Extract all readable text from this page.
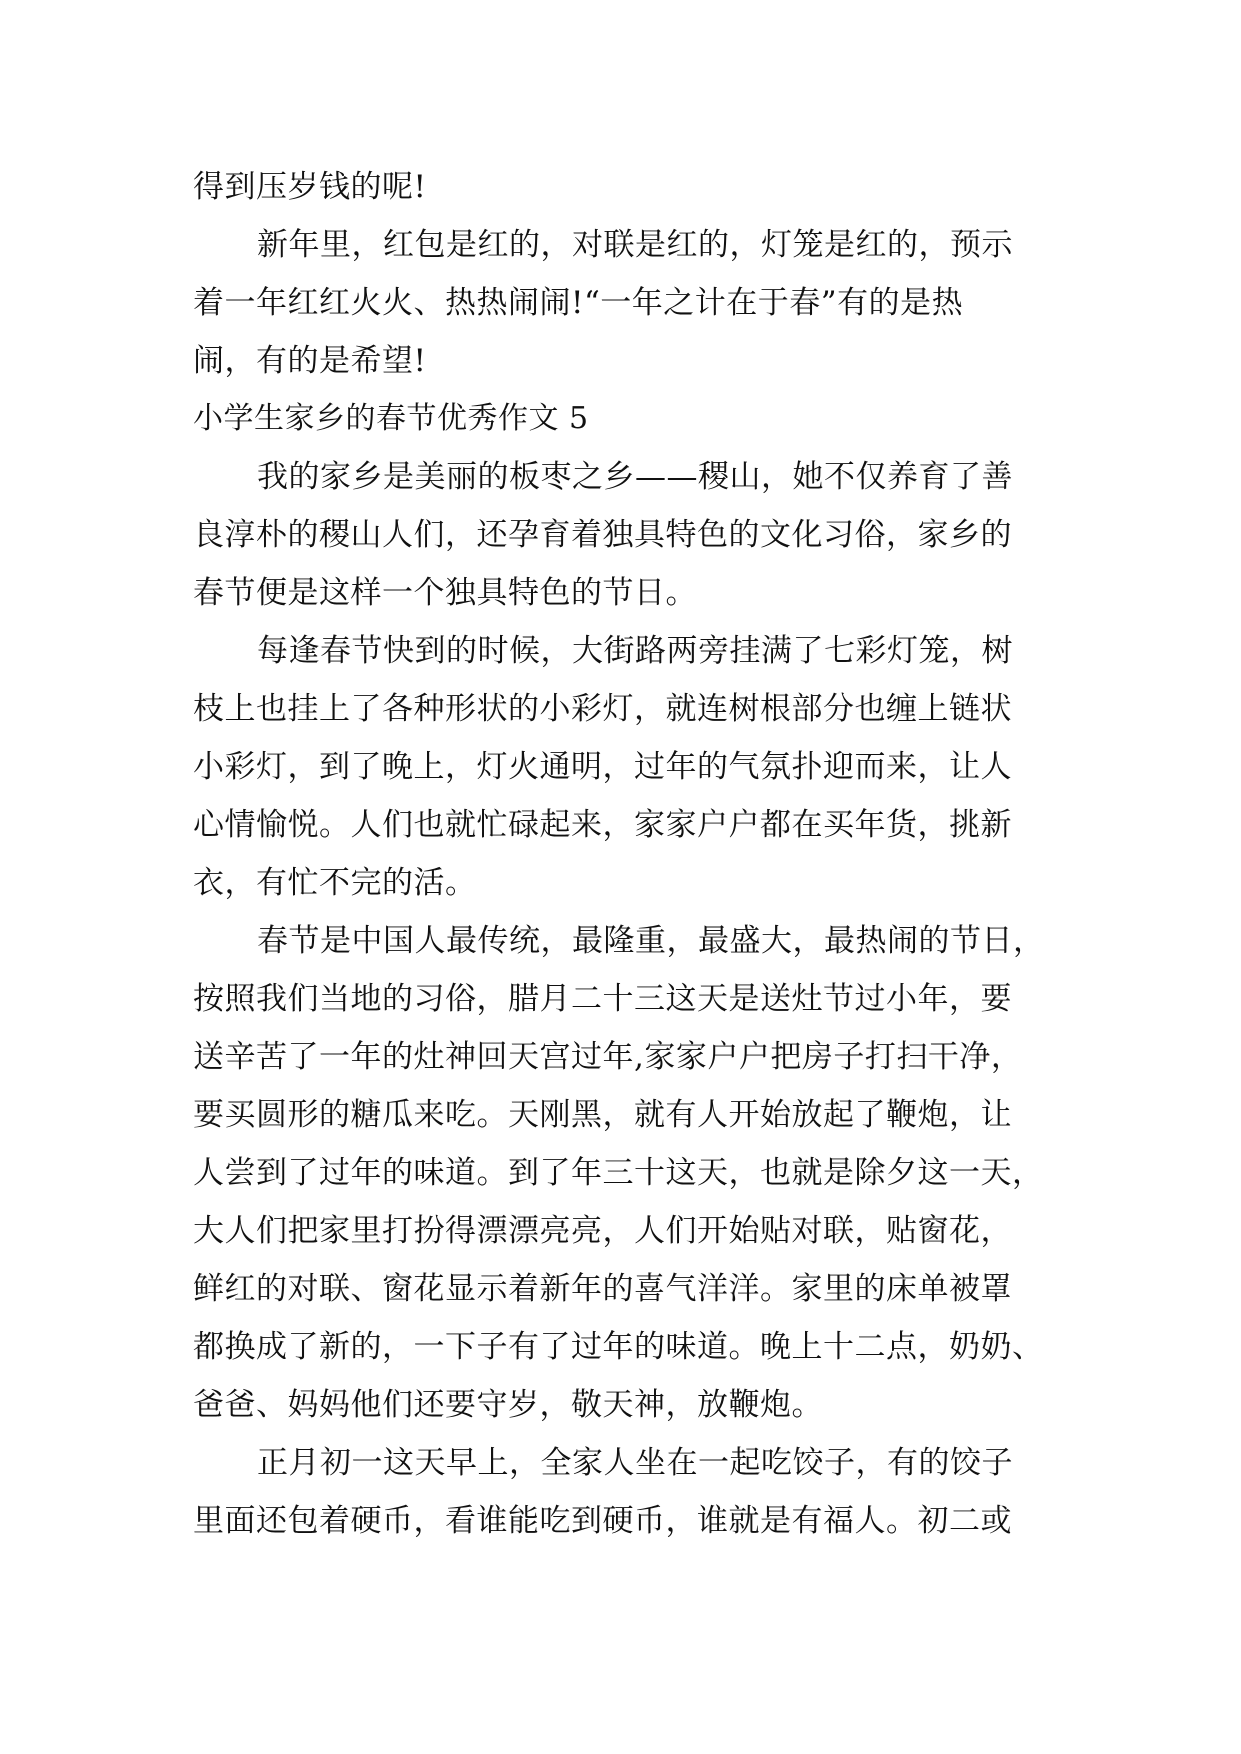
得到压岁钱的呢!
新年里，红包是红的，对联是红的，灯笼是红的，预示
着一年红红火火、热热闹闹!“一年之计在于春”有的是热
闹，有的是希望!
小学生家乡的春节优秀作文 5
我的家乡是美丽的板枣之乡——稷山，她不仅养育了善
良淳朴的稷山人们，还孕育着独具特色的文化习俗，家乡的
春节便是这样一个独具特色的节日。
每逢春节快到的时候，大街路两旁挂满了七彩灯笼，树
枝上也挂上了各种形状的小彩灯，就连树根部分也缠上链状
小彩灯，到了晚上，灯火通明，过年的气氛扑迎而来，让人
心情愉悦。人们也就忙碌起来，家家户户都在买年货，挑新
衣，有忙不完的活。
春节是中国人最传统，最隆重，最盛大，最热闹的节日，
按照我们当地的习俗，腊月二十三这天是送灶节过小年，要
送辛苦了一年的灶神回天宫过年,家家户户把房子打扫干净，
要买圆形的糖瓜来吃。天刚黑，就有人开始放起了鞭炮，让
人尝到了过年的味道。到了年三十这天，也就是除夕这一天，
大人们把家里打扮得漂漂亮亮，人们开始贴对联，贴窗花，
鲜红的对联、窗花显示着新年的喜气洋洋。家里的床单被罩
都换成了新的，一下子有了过年的味道。晚上十二点，奶奶、
爸爸、妈妈他们还要守岁，敬天神，放鞭炮。
正月初一这天早上，全家人坐在一起吃饺子，有的饺子
里面还包着硬币，看谁能吃到硬币，谁就是有福人。初二或
